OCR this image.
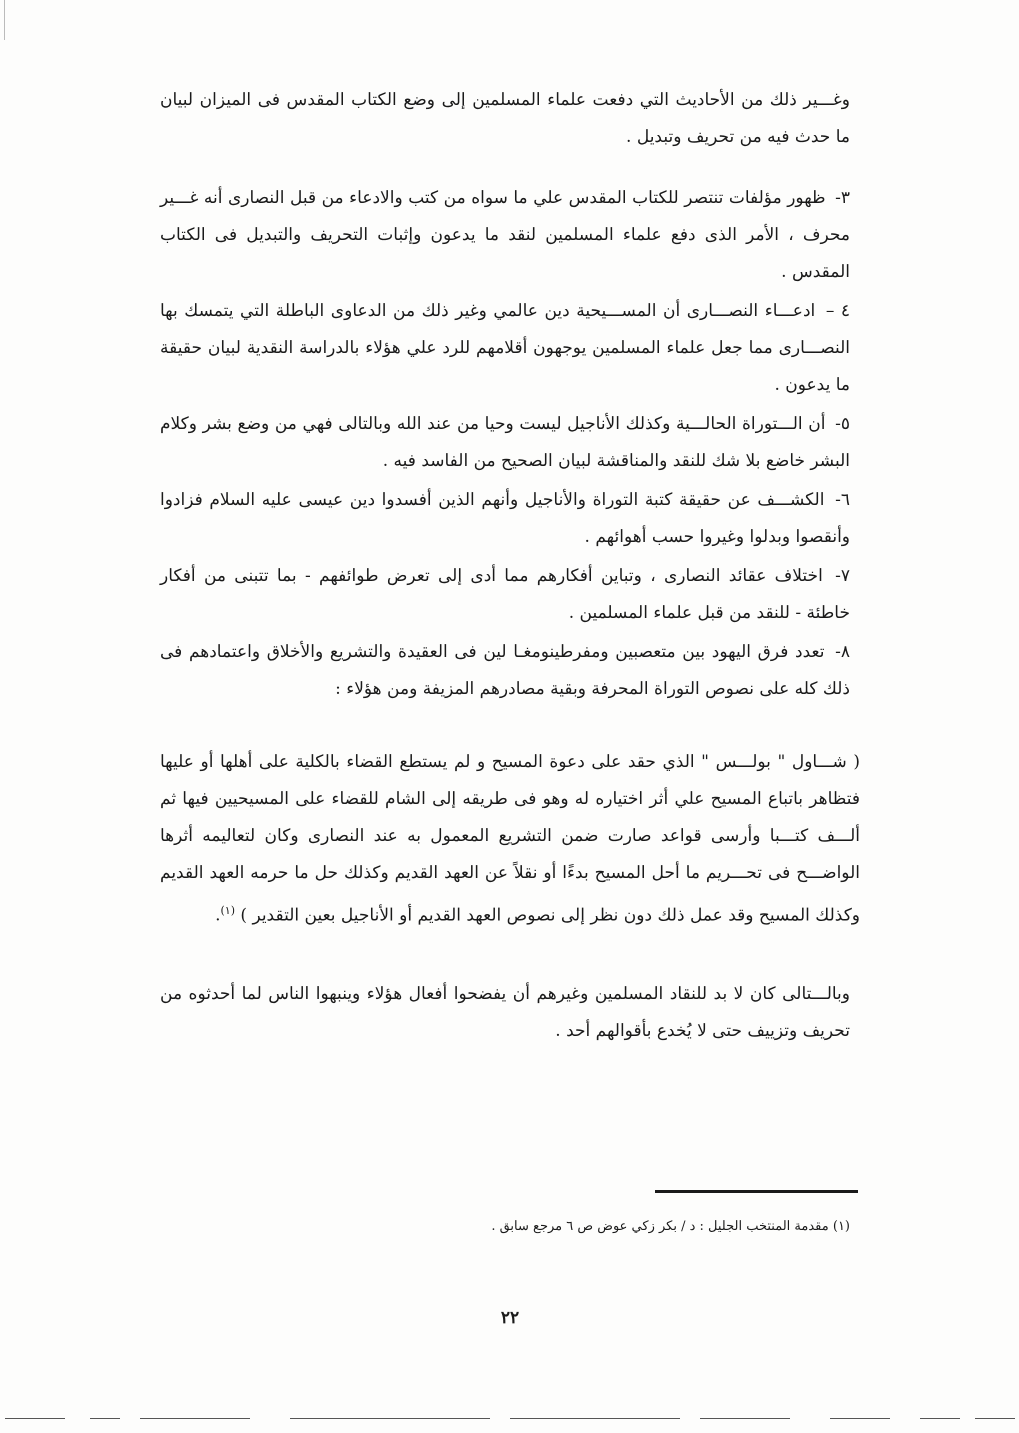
وغـــير ذلك من الأحاديث التي دفعت علماء المسلمين إلى وضع الكتاب المقدس فى الميزان لبيان ما حدث فيه من تحريف وتبديل .

٣- ظهور مؤلفات تنتصر للكتاب المقدس علي ما سواه من كتب والادعاء من قبل النصارى أنه غـــير محرف ، الأمر الذى دفع علماء المسلمين لنقد ما يدعون وإثبات التحريف والتبديل فى الكتاب المقدس .
٤ – ادعـــاء النصـــارى أن المســـيحية دين عالمي وغير ذلك من الدعاوى الباطلة التي يتمسك بها النصـــارى مما جعل علماء المسلمين يوجهون أقلامهم للرد علي هؤلاء بالدراسة النقدية لبيان حقيقة ما يدعون .
٥- أن الـــتوراة الحالـــية وكذلك الأناجيل ليست وحيا من عند الله وبالتالى فهي من وضع بشر وكلام البشر خاضع بلا شك للنقد والمناقشة لبيان الصحيح من الفاسد فيه .
٦- الكشـــف عن حقيقة كتبة التوراة والأناجيل وأنهم الذين أفسدوا دين عيسى عليه السلام فزادوا وأنقصوا وبدلوا وغيروا حسب أهوائهم .
٧- اختلاف عقائد النصارى ، وتباين أفكارهم مما أدى إلى تعرض طوائفهم - بما تتبنى من أفكار خاطئة - للنقد من قبل علماء المسلمين .
٨- تعدد فرق اليهود بين متعصبين ومفرطينومغـا لين فى العقيدة والتشريع والأخلاق واعتمادهم فى ذلك كله على نصوص التوراة المحرفة وبقية مصادرهم المزيفة ومن هؤلاء :

( شـــاول " بولـــس " الذي حقد على دعوة المسيح و لم يستطع القضاء بالكلية على أهلها أو عليها فتظاهر باتباع المسيح علي أثر اختياره له وهو فى طريقه إلى الشام للقضاء على المسيحيين فيها ثم ألـــف كتـــبا وأرسى قواعد صارت ضمن التشريع المعمول به عند النصارى وكان لتعاليمه أثرها الواضـــح فى تحـــريم ما أحل المسيح بدءًا أو نقلاً عن العهد القديم وكذلك حل ما حرمه العهد القديم وكذلك المسيح وقد عمل ذلك دون نظر إلى نصوص العهد القديم أو الأناجيل بعين التقدير ) $^{(١)}$.

وبالـــتالى كان لا بد للنقاد المسلمين وغيرهم أن يفضحوا أفعال هؤلاء وينبهوا الناس لما أحدثوه من تحريف وتزييف حتى لا يُخدع بأقوالهم أحد .

(١) مقدمة المنتخب الجليل : د / بكر زكي عوض ص ٦ مرجع سابق .
٢٢
